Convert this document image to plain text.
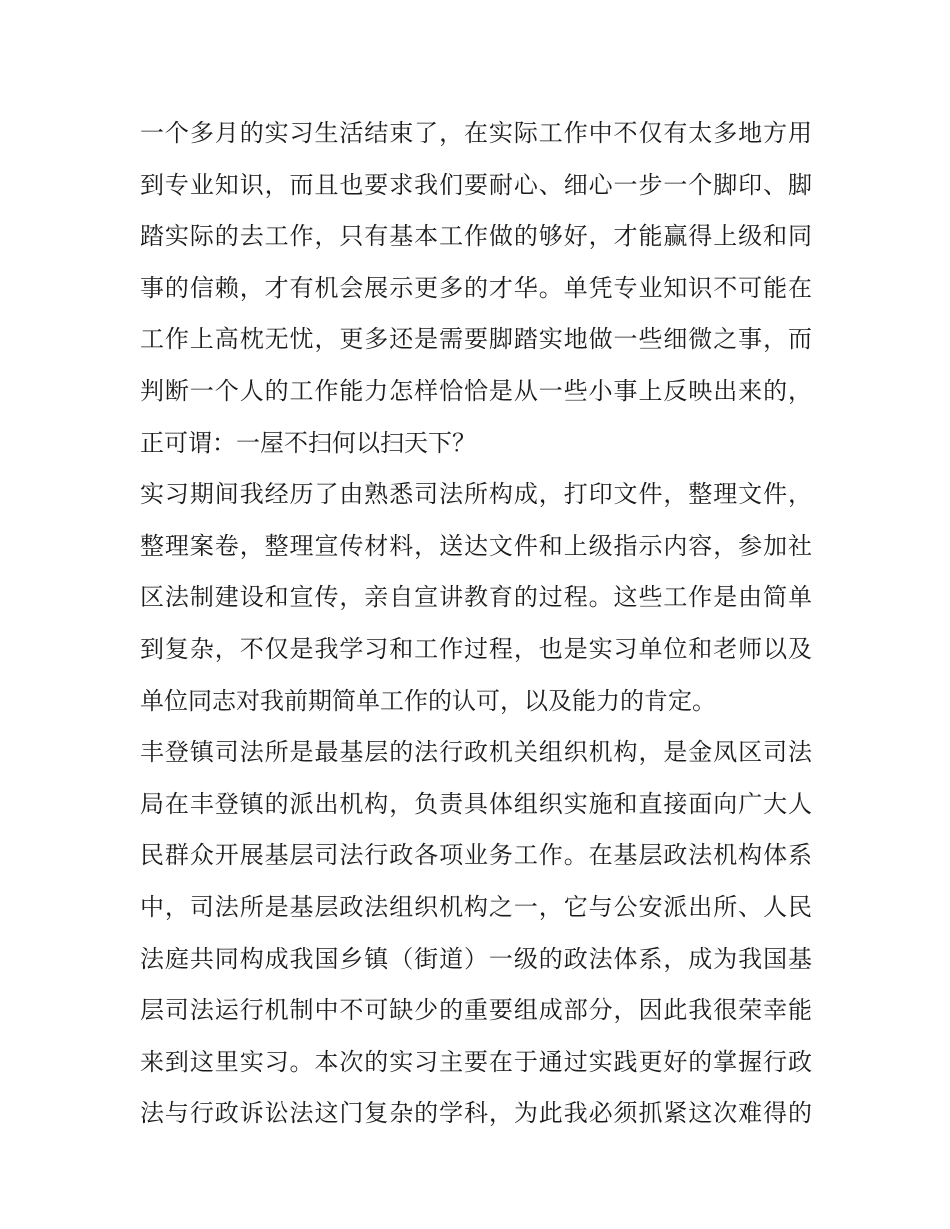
一个多月的实习生活结束了，在实际工作中不仅有太多地方用
到专业知识，而且也要求我们要耐心、细心一步一个脚印、脚
踏实际的去工作，只有基本工作做的够好，才能赢得上级和同
事的信赖，才有机会展示更多的才华。单凭专业知识不可能在
工作上高枕无忧，更多还是需要脚踏实地做一些细微之事，而
判断一个人的工作能力怎样恰恰是从一些小事上反映出来的，
正可谓：一屋不扫何以扫天下？
实习期间我经历了由熟悉司法所构成，打印文件，整理文件，
整理案卷，整理宣传材料，送达文件和上级指示内容，参加社
区法制建设和宣传，亲自宣讲教育的过程。这些工作是由简单
到复杂，不仅是我学习和工作过程，也是实习单位和老师以及
单位同志对我前期简单工作的认可，以及能力的肯定。
丰登镇司法所是最基层的法行政机关组织机构，是金凤区司法
局在丰登镇的派出机构，负责具体组织实施和直接面向广大人
民群众开展基层司法行政各项业务工作。在基层政法机构体系
中，司法所是基层政法组织机构之一，它与公安派出所、人民
法庭共同构成我国乡镇（街道）一级的政法体系，成为我国基
层司法运行机制中不可缺少的重要组成部分，因此我很荣幸能
来到这里实习。本次的实习主要在于通过实践更好的掌握行政
法与行政诉讼法这门复杂的学科，为此我必须抓紧这次难得的
